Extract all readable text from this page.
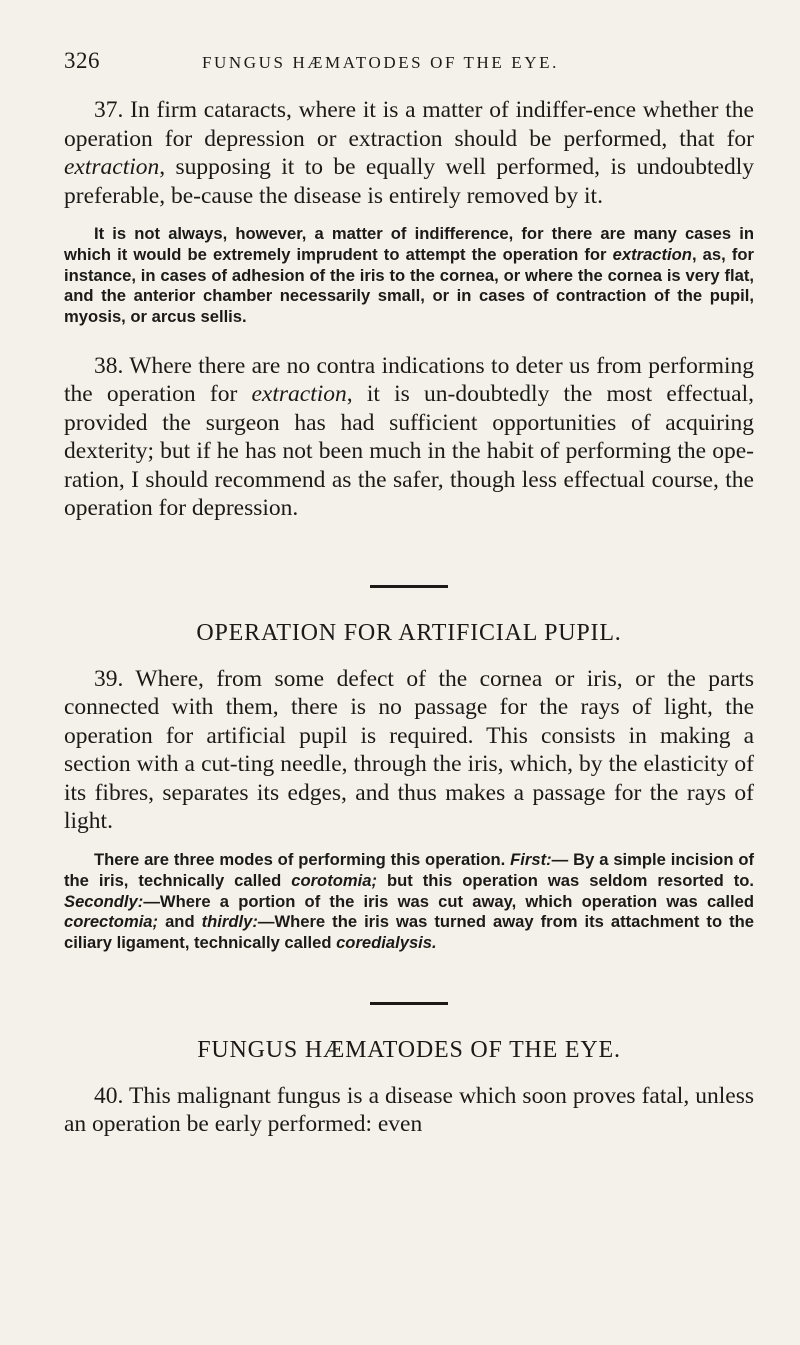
326	FUNGUS HÆMATODES OF THE EYE.

37. In firm cataracts, where it is a matter of indiffer-ence whether the operation for depression or extraction should be performed, that for extraction, supposing it to be equally well performed, is undoubtedly preferable, be-cause the disease is entirely removed by it.

It is not always, however, a matter of indifference, for there are many cases in which it would be extremely imprudent to attempt the operation for extraction, as, for instance, in cases of adhesion of the iris to the cornea, or where the cornea is very flat, and the anterior chamber necessarily small, or in cases of contraction of the pupil, myosis, or arcus sellis.

38. Where there are no contra indications to deter us from performing the operation for extraction, it is un-doubtedly the most effectual, provided the surgeon has had sufficient opportunities of acquiring dexterity; but if he has not been much in the habit of performing the ope-ration, I should recommend as the safer, though less effectual course, the operation for depression.

OPERATION FOR ARTIFICIAL PUPIL.

39. Where, from some defect of the cornea or iris, or the parts connected with them, there is no passage for the rays of light, the operation for artificial pupil is required. This consists in making a section with a cut-ting needle, through the iris, which, by the elasticity of its fibres, separates its edges, and thus makes a passage for the rays of light.

There are three modes of performing this operation. First:— By a simple incision of the iris, technically called corotomia; but this operation was seldom resorted to. Secondly:—Where a portion of the iris was cut away, which operation was called corectomia; and thirdly:—Where the iris was turned away from its attachment to the ciliary ligament, technically called coredialysis.

FUNGUS HÆMATODES OF THE EYE.

40. This malignant fungus is a disease which soon proves fatal, unless an operation be early performed: even
